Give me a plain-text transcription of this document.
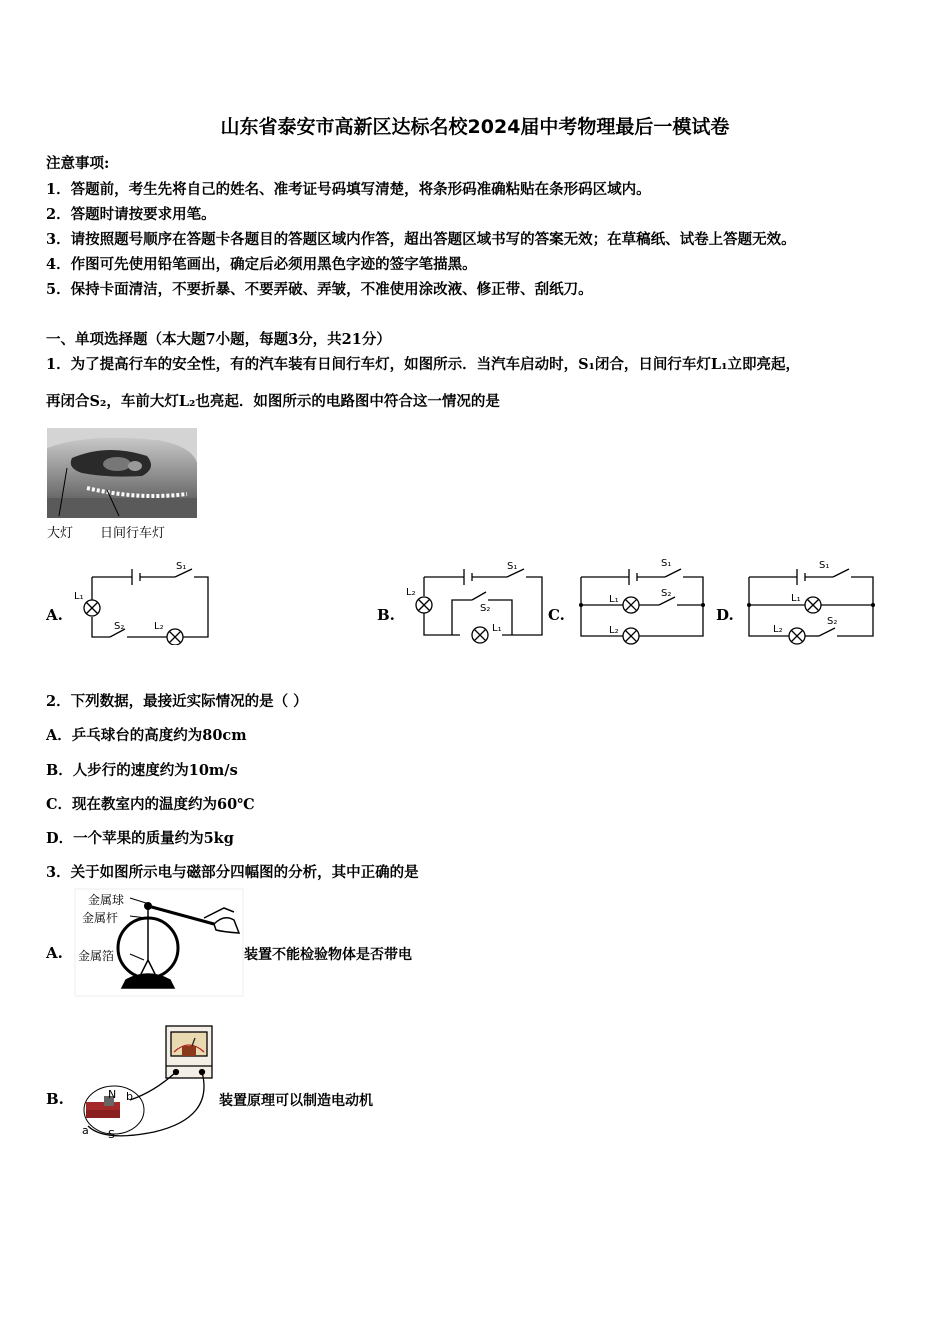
山东省泰安市高新区达标名校2024届中考物理最后一模试卷
注意事项:
1．答题前，考生先将自己的姓名、准考证号码填写清楚，将条形码准确粘贴在条形码区域内。
2．答题时请按要求用笔。
3．请按照题号顺序在答题卡各题目的答题区域内作答，超出答题区域书写的答案无效；在草稿纸、试卷上答题无效。
4．作图可先使用铅笔画出，确定后必须用黑色字迹的签字笔描黑。
5．保持卡面清洁，不要折暴、不要弄破、弄皱，不准使用涂改液、修正带、刮纸刀。
一、单项选择题（本大题7小题，每题3分，共21分）
1．为了提高行车的安全性，有的汽车装有日间行车灯，如图所示．当汽车启动时，S₁闭合，日间行车灯L₁立即亮起，
再闭合S₂，车前大灯L₂也亮起．如图所示的电路图中符合这一情况的是
大灯 日间行车灯
A.
S₁
L₁
S₂	L₂
B.
S₁
L₂
S₂
L₁
C.
S₁
L₁
S₂
L₂
D.
S₁
L₁
L₂
S₂
2．下列数据，最接近实际情况的是（ ）
A．乒乓球台的高度约为80cm
B．人步行的速度约为10m/s
C．现在教室内的温度约为60℃
D．一个苹果的质量约为5kg
3．关于如图所示电与磁部分四幅图的分析，其中正确的是
A.
金属球
金属杆
金属箔	装置不能检验物体是否带电
B.	N b
a S
装置原理可以制造电动机
